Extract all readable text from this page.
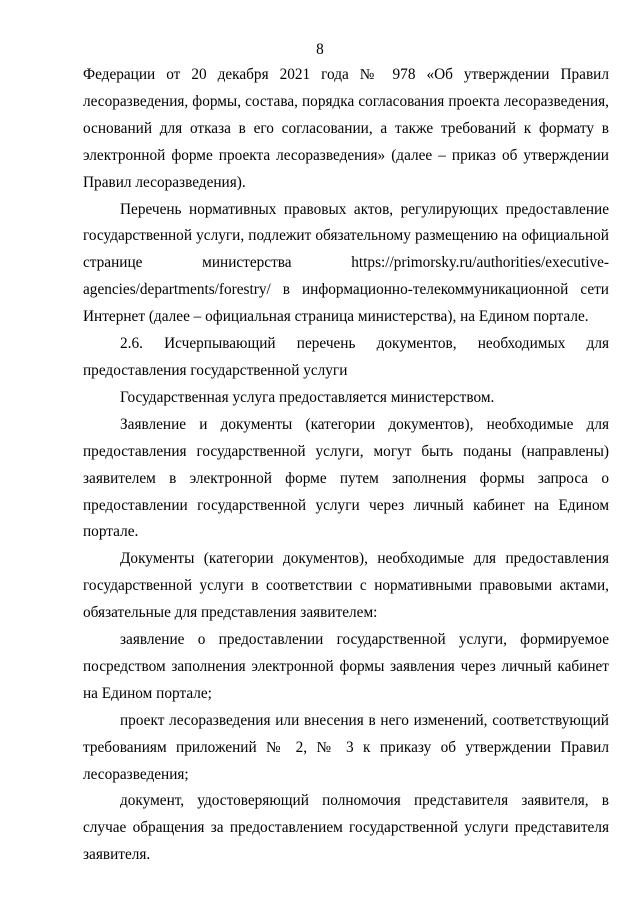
8

Федерации от 20 декабря 2021 года № 978 «Об утверждении Правил лесоразведения, формы, состава, порядка согласования проекта лесоразведения, оснований для отказа в его согласовании, а также требований к формату в электронной форме проекта лесоразведения» (далее – приказ об утверждении Правил лесоразведения).

Перечень нормативных правовых актов, регулирующих предоставление государственной услуги, подлежит обязательному размещению на официальной странице министерства https://primorsky.ru/authorities/executive-agencies/departments/forestry/ в информационно-телекоммуникационной сети Интернет (далее – официальная страница министерства), на Едином портале.

2.6. Исчерпывающий перечень документов, необходимых для предоставления государственной услуги

Государственная услуга предоставляется министерством.

Заявление и документы (категории документов), необходимые для предоставления государственной услуги, могут быть поданы (направлены) заявителем в электронной форме путем заполнения формы запроса о предоставлении государственной услуги через личный кабинет на Едином портале.

Документы (категории документов), необходимые для предоставления государственной услуги в соответствии с нормативными правовыми актами, обязательные для представления заявителем:

заявление о предоставлении государственной услуги, формируемое посредством заполнения электронной формы заявления через личный кабинет на Едином портале;

проект лесоразведения или внесения в него изменений, соответствующий требованиям приложений № 2, № 3 к приказу об утверждении Правил лесоразведения;

документ, удостоверяющий полномочия представителя заявителя, в случае обращения за предоставлением государственной услуги представителя заявителя.
